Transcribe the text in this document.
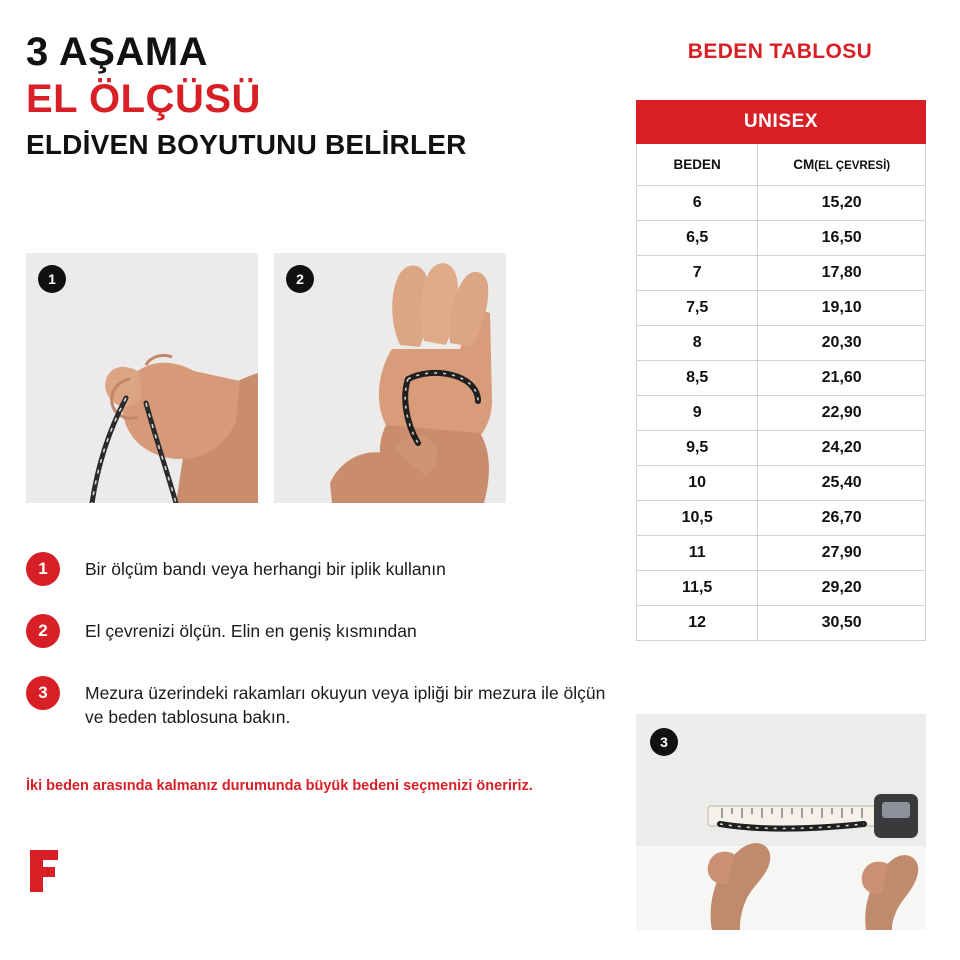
3 AŞAMA
EL ÖLÇÜSÜ
ELDİVEN BOYUTUNU BELİRLER
1	2
1	Bir ölçüm bandı veya herhangi bir iplik kullanın
2	El çevrenizi ölçün. Elin en geniş kısmından
3	Mezura üzerindeki rakamları okuyun veya ipliği bir mezura ile ölçün ve beden tablosuna bakın.
İki beden arasında kalmanız durumunda büyük bedeni seçmenizi öneririz.
BEDEN TABLOSU
UNISEX	
BEDEN	CM(EL ÇEVRESİ)
6	15,20
6,5	16,50
7	17,80
7,5	19,10
8	20,30
8,5	21,60
9	22,90
9,5	24,20
10	25,40
10,5	26,70
11	27,90
11,5	29,20
12	30,50
3
